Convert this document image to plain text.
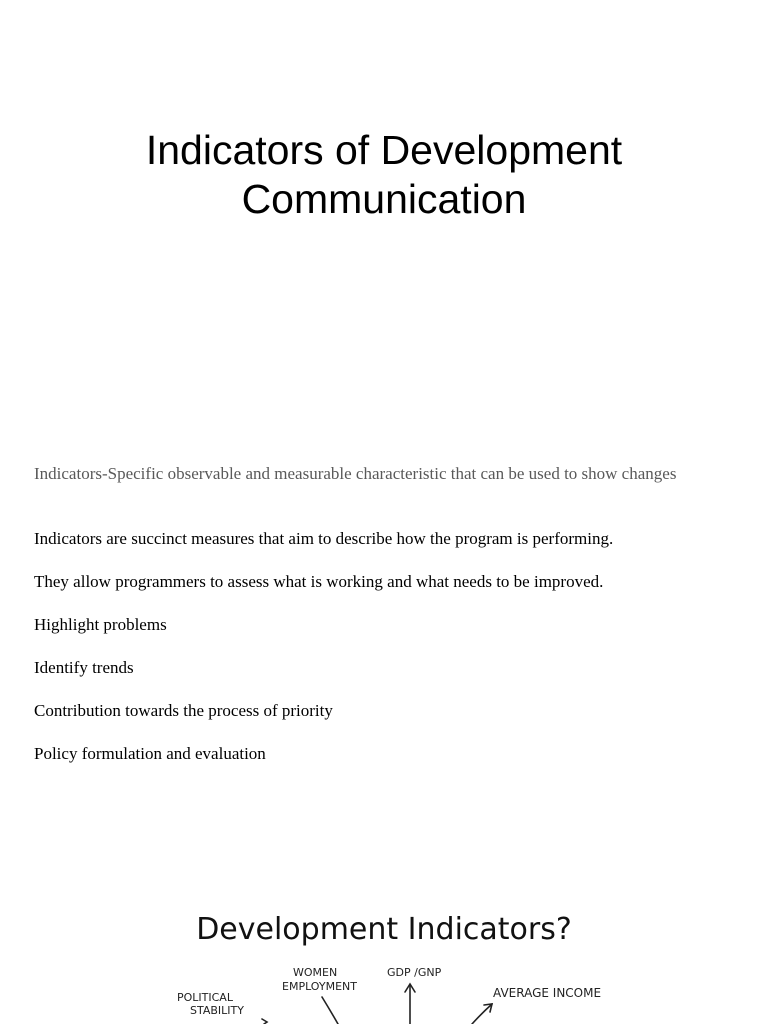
Indicators of Development
Communication
Indicators-Specific observable and measurable characteristic that can be used to show changes
Indicators are succinct measures that aim to describe how the program is performing.
They allow programmers to assess what is working and what needs to be improved.
Highlight problems
Identify trends
Contribution towards the process of priority
Policy formulation and evaluation
Development Indicators?
WOMEN
EMPLOYMENT
GDP /GNP
AVERAGE INCOME
POLITICAL
STABILITY
